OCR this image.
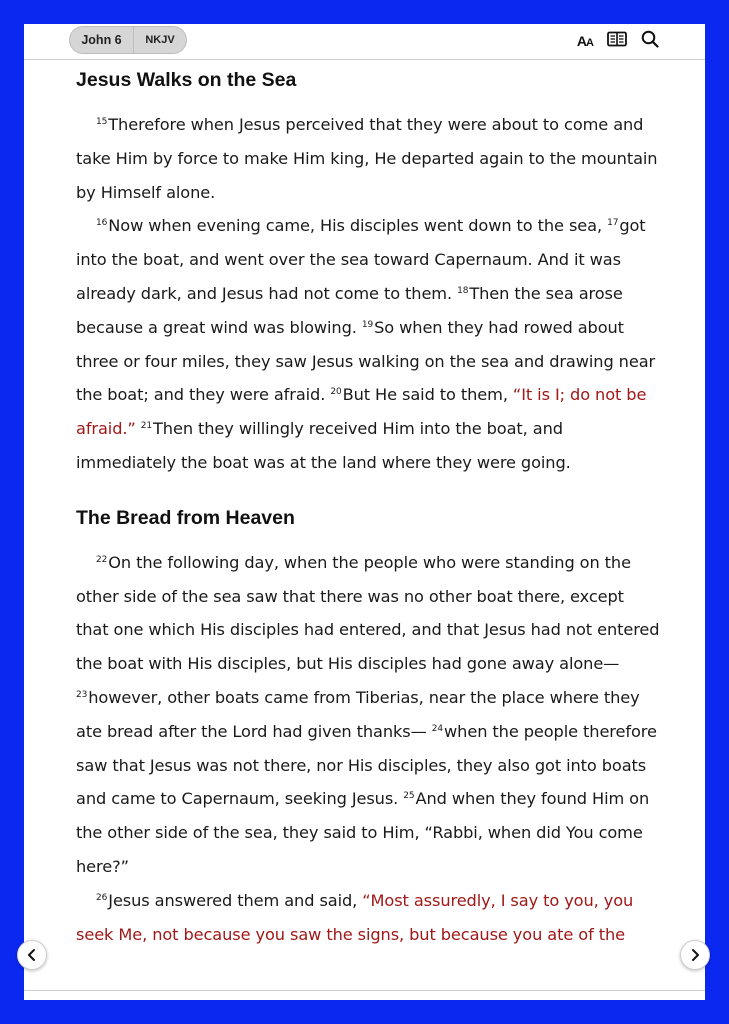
John 6	NKJV	AA
Jesus Walks on the Sea

$^{15}$Therefore when Jesus perceived that they were about to come and take Him by force to make Him king, He departed again to the mountain by Himself alone.

$^{16}$Now when evening came, His disciples went down to the sea, $^{17}$got into the boat, and went over the sea toward Capernaum. And it was already dark, and Jesus had not come to them. $^{18}$Then the sea arose because a great wind was blowing. $^{19}$So when they had rowed about three or four miles, they saw Jesus walking on the sea and drawing near the boat; and they were afraid. $^{20}$But He said to them, “It is I; do not be afraid.” $^{21}$Then they willingly received Him into the boat, and immediately the boat was at the land where they were going.

The Bread from Heaven

$^{22}$On the following day, when the people who were standing on the other side of the sea saw that there was no other boat there, except that one which His disciples had entered, and that Jesus had not entered the boat with His disciples, but His disciples had gone away alone— $^{23}$however, other boats came from Tiberias, near the place where they ate bread after the Lord had given thanks— $^{24}$when the people therefore saw that Jesus was not there, nor His disciples, they also got into boats and came to Capernaum, seeking Jesus. $^{25}$And when they found Him on the other side of the sea, they said to Him, “Rabbi, when did You come here?”

$^{26}$Jesus answered them and said, “Most assuredly, I say to you, you seek Me, not because you saw the signs, but because you ate of the
